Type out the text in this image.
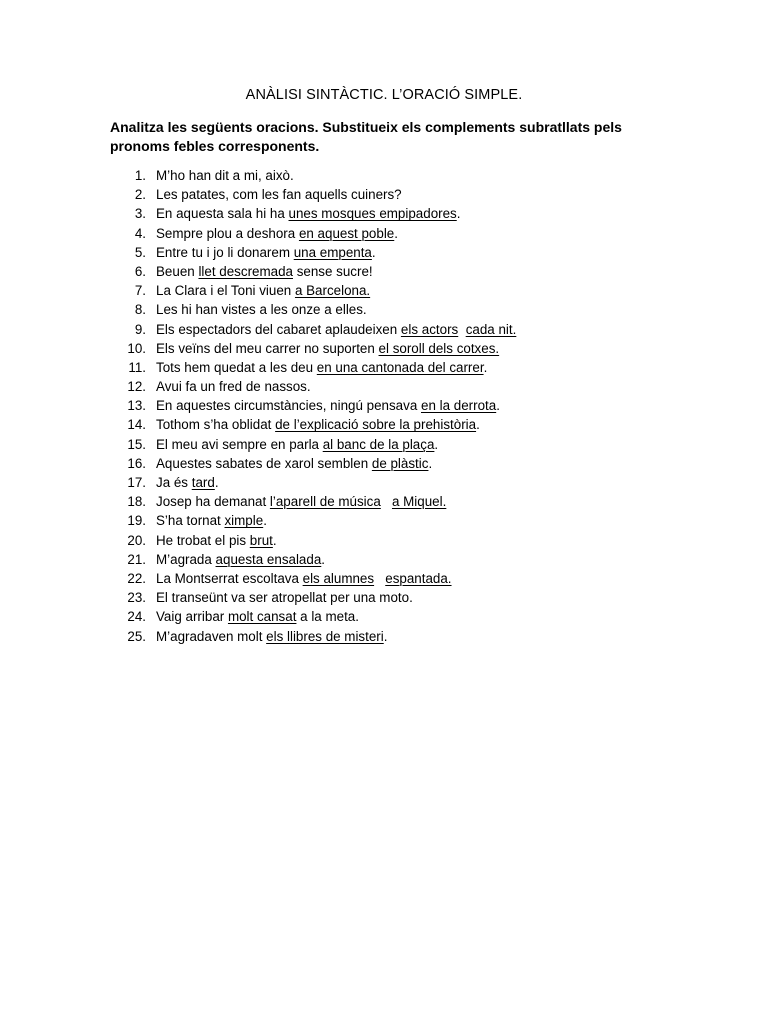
ANÀLISI SINTÀCTIC. L’ORACIÓ SIMPLE.
Analitza les següents oracions. Substitueix els complements subratllats pels pronoms febles corresponents.
1. M’ho han dit a mi, això.
2. Les patates, com les fan aquells cuiners?
3. En aquesta sala hi ha unes mosques empipadores.
4. Sempre plou a deshora en aquest poble.
5. Entre tu i jo li donarem una empenta.
6. Beuen llet descremada sense sucre!
7. La Clara i el Toni viuen a Barcelona.
8. Les hi han vistes a les onze a elles.
9. Els espectadors del cabaret aplaudeixen els actors cada nit.
10. Els veïns del meu carrer no suporten el soroll dels cotxes.
11. Tots hem quedat a les deu en una cantonada del carrer.
12. Avui fa un fred de nassos.
13. En aquestes circumstàncies, ningú pensava en la derrota.
14. Tothom s’ha oblidat de l’explicació sobre la prehistòria.
15. El meu avi sempre en parla al banc de la plaça.
16. Aquestes sabates de xarol semblen de plàstic.
17. Ja és tard.
18. Josep ha demanat l’aparell de música a Miquel.
19. S’ha tornat ximple.
20. He trobat el pis brut.
21. M’agrada aquesta ensalada.
22. La Montserrat escoltava els alumnes espantada.
23. El transeünt va ser atropellat per una moto.
24. Vaig arribar molt cansat a la meta.
25. M’agradaven molt els llibres de misteri.
